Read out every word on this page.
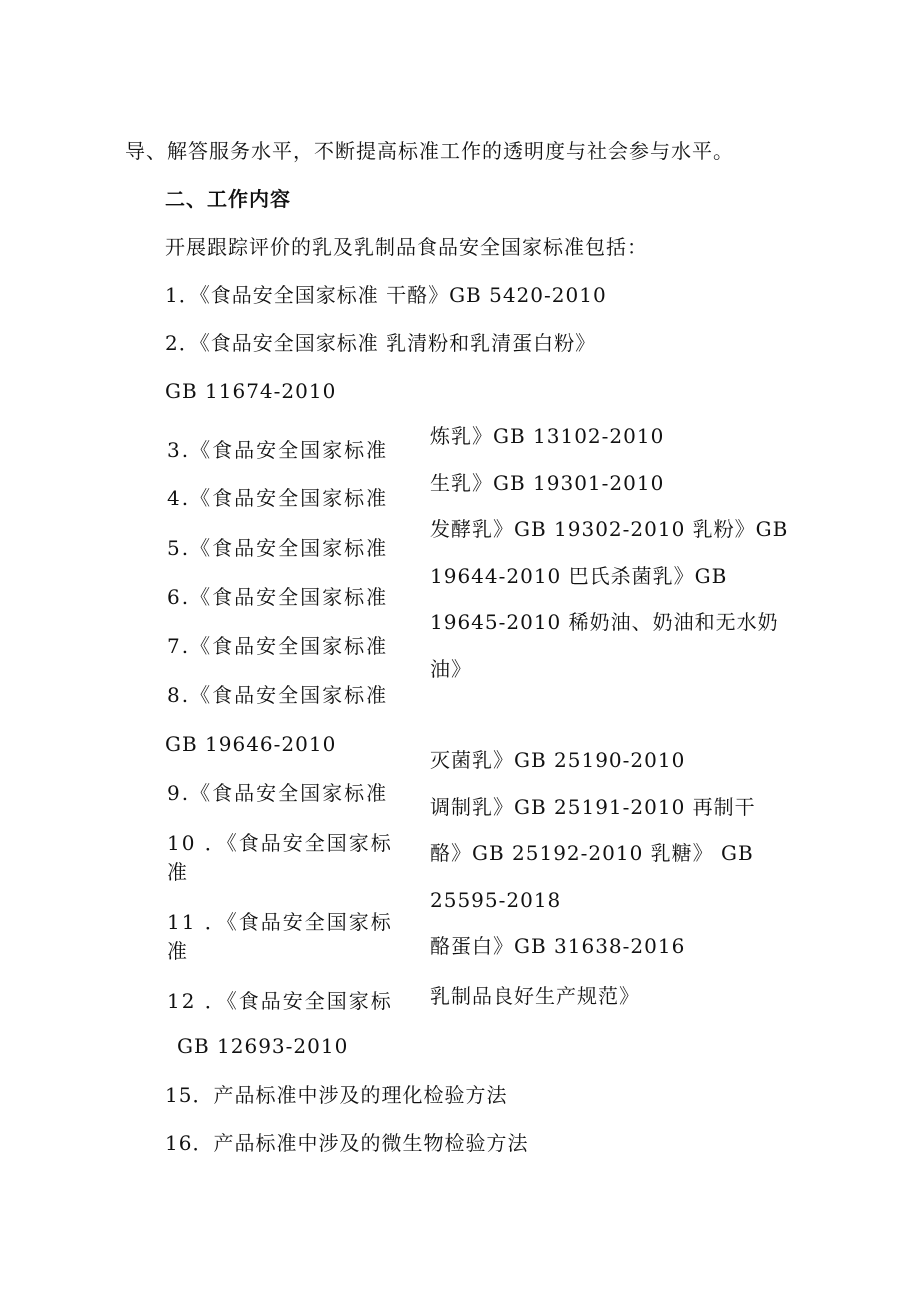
导、解答服务水平，不断提高标准工作的透明度与社会参与水平。

二、工作内容

开展跟踪评价的乳及乳制品食品安全国家标准包括：

1．《食品安全国家标准 干酪》GB 5420-2010

2．《食品安全国家标准 乳清粉和乳清蛋白粉》

GB 11674-2010

3.《食品安全国家标准

4.《食品安全国家标准

5.《食品安全国家标准

6.《食品安全国家标准

7.《食品安全国家标准

8.《食品安全国家标准

GB 19646-2010

9.《食品安全国家标准

10 ．《食品安全国家标

准

11 ．《食品安全国家标

准

12 ．《食品安全国家标

炼乳》GB 13102-2010

生乳》GB 19301-2010

发酵乳》GB 19302-2010 乳粉》GB

19644-2010 巴氏杀菌乳》GB

19645-2010 稀奶油、奶油和无水奶

油》

灭菌乳》GB 25190-2010

调制乳》GB 25191-2010 再制干

酪》GB 25192-2010 乳糖》 GB

25595-2018

酪蛋白》GB 31638-2016

乳制品良好生产规范》

GB 12693-2010

15．产品标准中涉及的理化检验方法

16．产品标准中涉及的微生物检验方法
